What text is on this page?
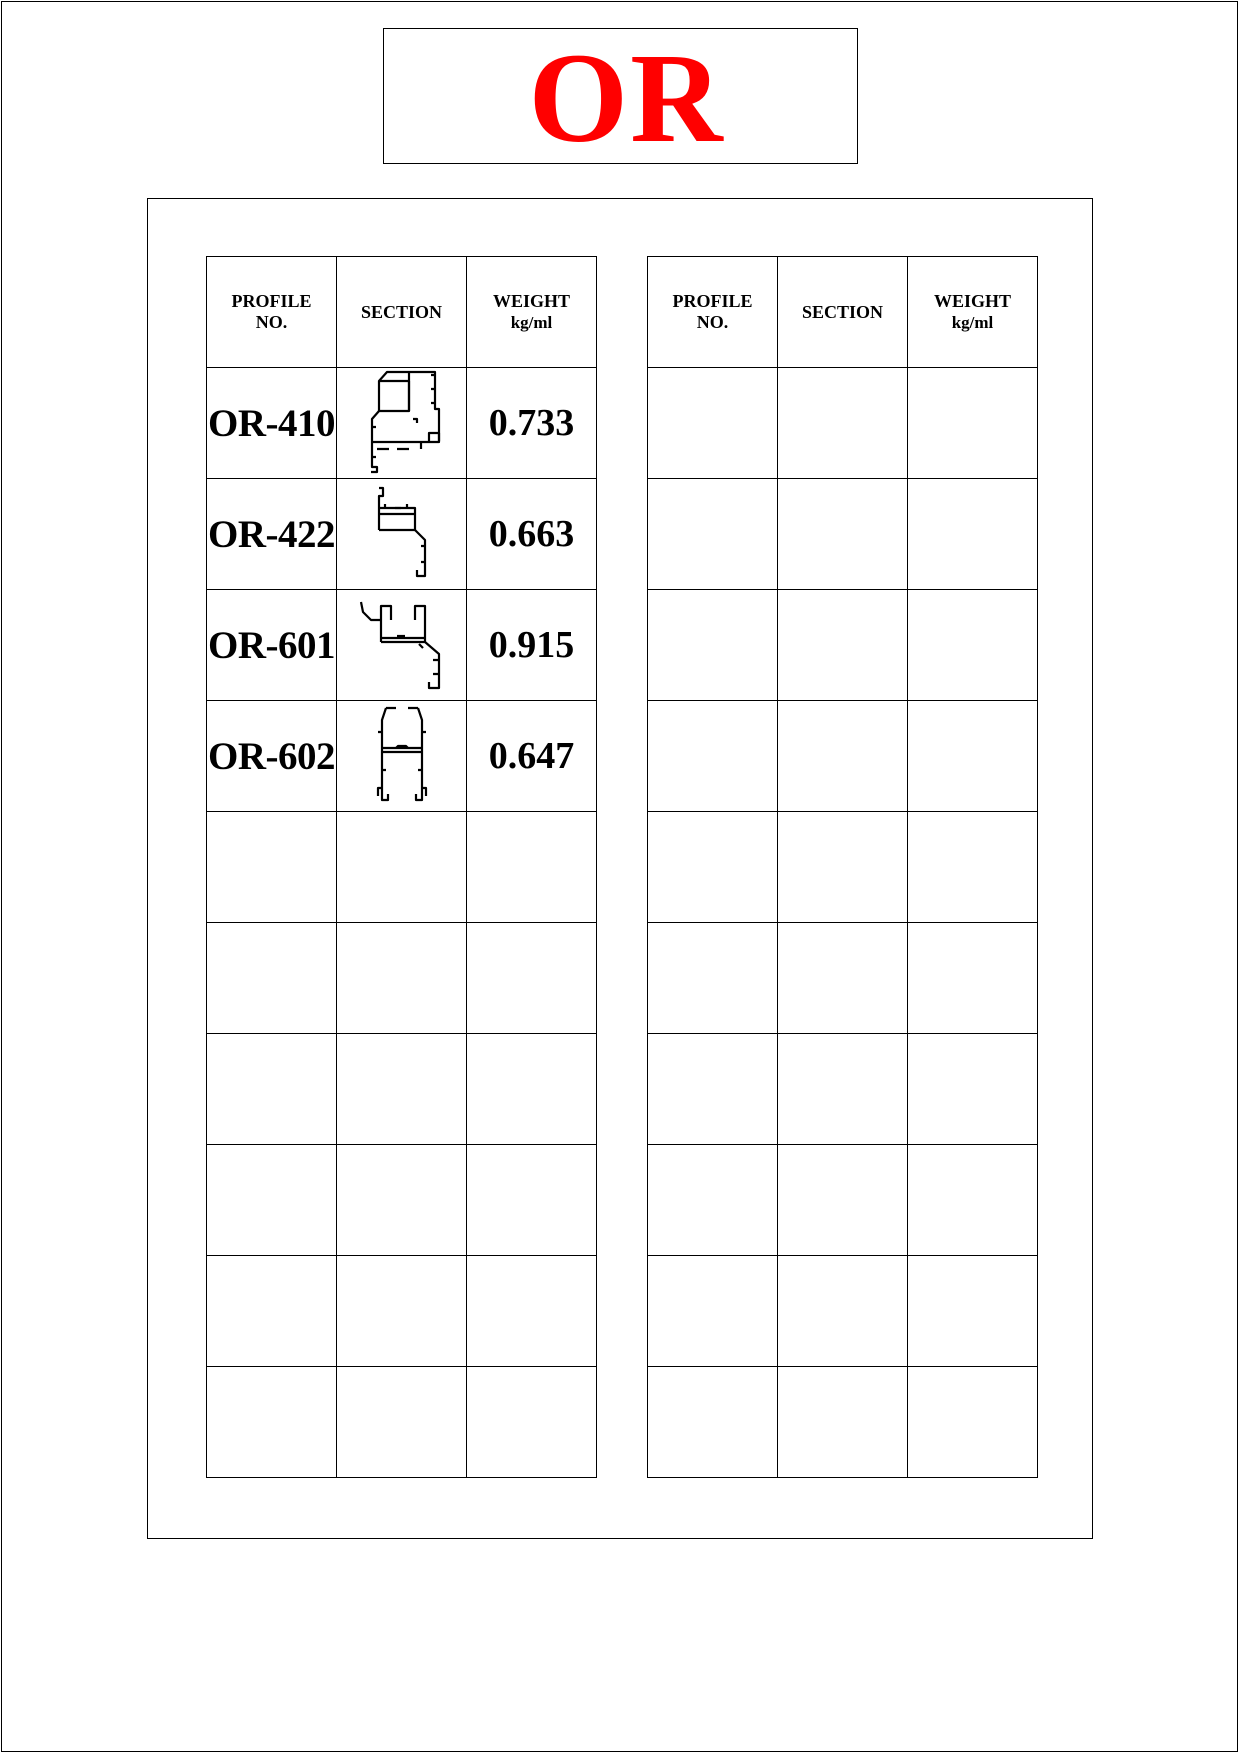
OR
PROFILE
NO.	SECTION	WEIGHT
kg/ml

OR-410		0.733
OR-422		0.663
OR-601		0.915
OR-602		0.647

PROFILE
NO.	SECTION	WEIGHT
kg/ml
